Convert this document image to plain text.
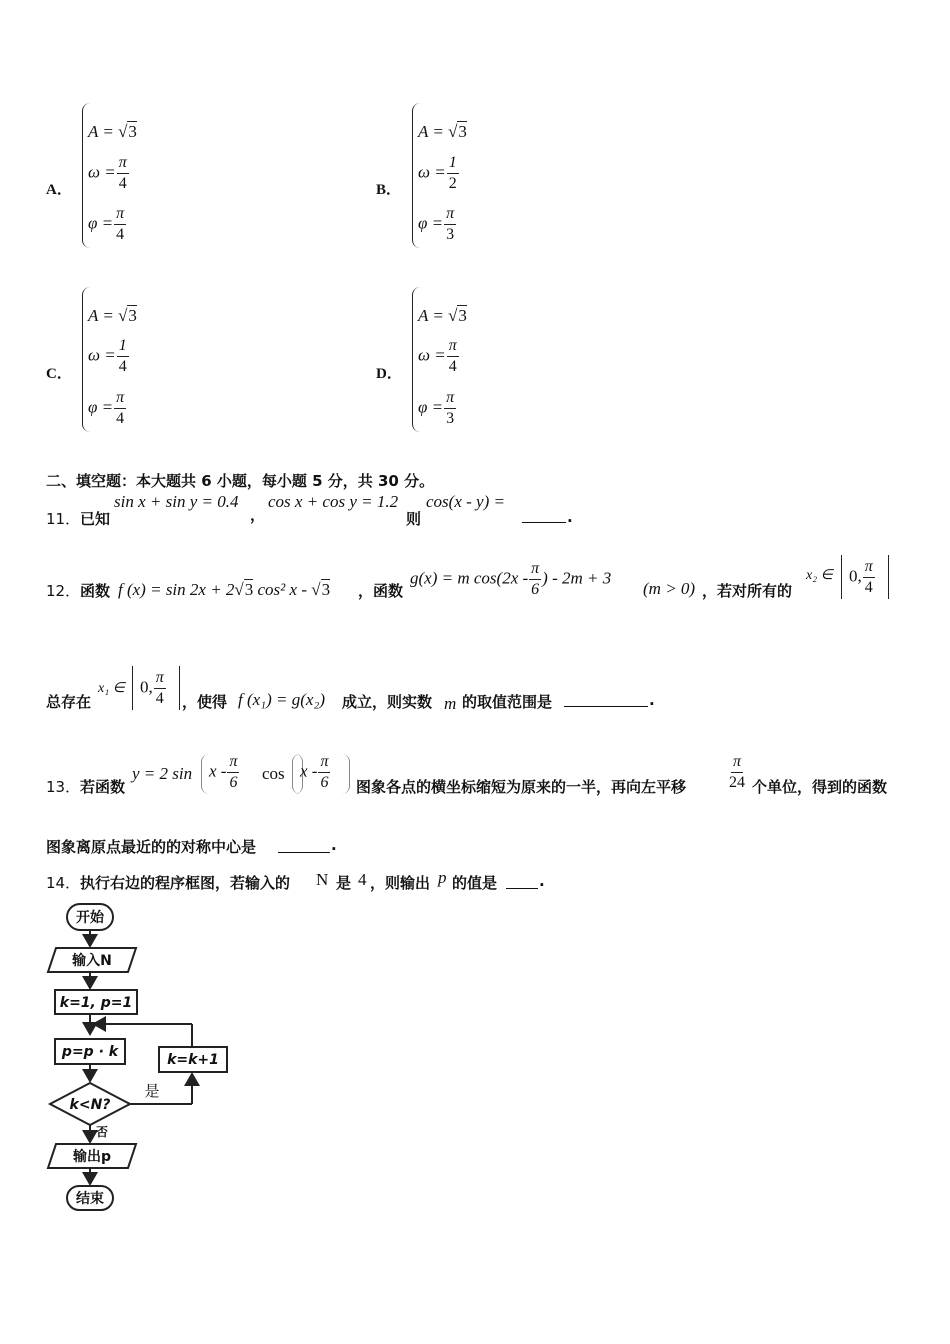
A．
A = √3
$\omega = \frac{\pi}{4}$
$\varphi = \frac{\pi}{4}$
B．
A = √3
$\omega = \frac{1}{2}$
$\varphi = \frac{\pi}{3}$
C．
A = √3
$\omega = \frac{1}{4}$
$\varphi = \frac{\pi}{4}$
D．
A = √3
$\omega = \frac{\pi}{4}$
$\varphi = \frac{\pi}{3}$
二、填空题：本大题共 6 小题，每小题 5 分，共 30 分。
11． 已知
sin x + sin y = 0.4
，
cos x + cos y = 1.2
则
cos(x - y) =
.
12． 函数 f (x) = sin 2x + 2√3 cos² x - √3 ，函数
g(x) = m $\cos(2x - \frac{\pi}{6}$ ) - 2m + 3
(m > 0) ，若对所有的
x₂ ∈ 0, $\frac{\pi}{4}$
总存在
x₁ ∈ 0, $\frac{\pi}{4}$ ，使得 f (x₁) = g(x₂) 成立，则实数 m 的取值范围是	.
13． 若函数
y = 2 sin x - $\frac{\pi}{6}$ cos x - $\frac{\pi}{6}$ 图象各点的横坐标缩短为原来的一半，再向左平移	$\frac{\pi}{24}$ 个单位，得到的函数
图象离原点最近的的对称中心是	.
14． 执行右边的程序框图，若输入的 N 是 4 ，则输出 p 的值是	.
开始
输入N
k=1, p=1
p=p · k	k=k+1
k<N?
是
否
输出p
结束
